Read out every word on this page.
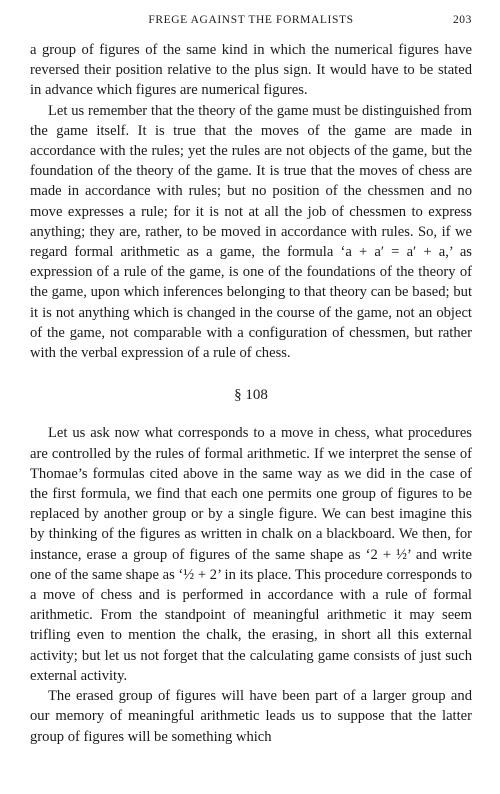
FREGE AGAINST THE FORMALISTS	203

a group of figures of the same kind in which the numerical figures have reversed their position relative to the plus sign. It would have to be stated in advance which figures are numerical figures.

Let us remember that the theory of the game must be distinguished from the game itself. It is true that the moves of the game are made in accordance with the rules; yet the rules are not objects of the game, but the foundation of the theory of the game. It is true that the moves of chess are made in accordance with rules; but no position of the chessmen and no move expresses a rule; for it is not at all the job of chessmen to express anything; they are, rather, to be moved in accordance with rules. So, if we regard formal arithmetic as a game, the formula ‘a + a′ = a′ + a,’ as expression of a rule of the game, is one of the foundations of the theory of the game, upon which inferences belonging to that theory can be based; but it is not anything which is changed in the course of the game, not an object of the game, not comparable with a configuration of chessmen, but rather with the verbal expression of a rule of chess.

§ 108

Let us ask now what corresponds to a move in chess, what procedures are controlled by the rules of formal arithmetic. If we interpret the sense of Thomae’s formulas cited above in the same way as we did in the case of the first formula, we find that each one permits one group of figures to be replaced by another group or by a single figure. We can best imagine this by thinking of the figures as written in chalk on a blackboard. We then, for instance, erase a group of figures of the same shape as ‘2 + ½’ and write one of the same shape as ‘½ + 2’ in its place. This procedure corresponds to a move of chess and is performed in accordance with a rule of formal arithmetic. From the standpoint of meaningful arithmetic it may seem trifling even to mention the chalk, the erasing, in short all this external activity; but let us not forget that the calculating game consists of just such external activity.

The erased group of figures will have been part of a larger group and our memory of meaningful arithmetic leads us to suppose that the latter group of figures will be something which
